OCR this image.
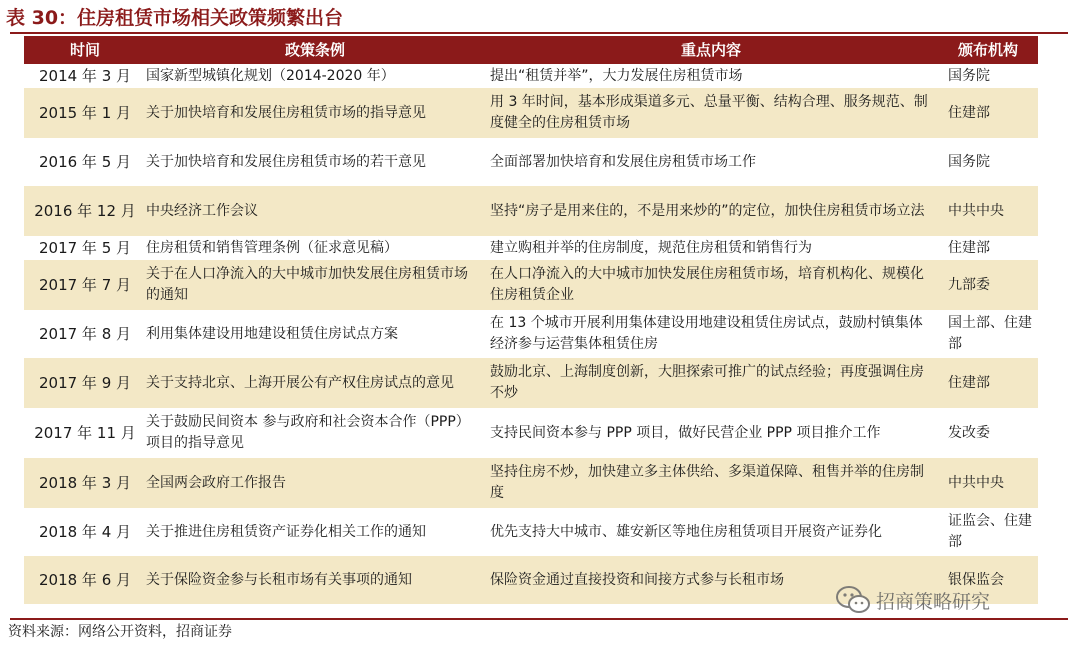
表 30：住房租赁市场相关政策频繁出台
时间	政策条例	重点内容	颁布机构
2014 年 3 月	国家新型城镇化规划（2014-2020 年）	提出“租赁并举”，大力发展住房租赁市场	国务院
2015 年 1 月	关于加快培育和发展住房租赁市场的指导意见	用 3 年时间，基本形成渠道多元、总量平衡、结构合理、服务规范、制度健全的住房租赁市场	住建部
2016 年 5 月	关于加快培育和发展住房租赁市场的若干意见	全面部署加快培育和发展住房租赁市场工作	国务院
2016 年 12 月	中央经济工作会议	坚持“房子是用来住的，不是用来炒的”的定位，加快住房租赁市场立法	中共中央
2017 年 5 月	住房租赁和销售管理条例（征求意见稿）	建立购租并举的住房制度，规范住房租赁和销售行为	住建部
2017 年 7 月	关于在人口净流入的大中城市加快发展住房租赁市场的通知	在人口净流入的大中城市加快发展住房租赁市场，培育机构化、规模化住房租赁企业	九部委
2017 年 8 月	利用集体建设用地建设租赁住房试点方案	在 13 个城市开展利用集体建设用地建设租赁住房试点，鼓励村镇集体经济参与运营集体租赁住房	国土部、住建部
2017 年 9 月	关于支持北京、上海开展公有产权住房试点的意见	鼓励北京、上海制度创新，大胆探索可推广的试点经验；再度强调住房不炒	住建部
2017 年 11 月	关于鼓励民间资本 参与政府和社会资本合作（PPP）项目的指导意见	支持民间资本参与 PPP 项目，做好民营企业 PPP 项目推介工作	发改委
2018 年 3 月	全国两会政府工作报告	坚持住房不炒，加快建立多主体供给、多渠道保障、租售并举的住房制度	中共中央
2018 年 4 月	关于推进住房租赁资产证券化相关工作的通知	优先支持大中城市、雄安新区等地住房租赁项目开展资产证券化	证监会、住建部
2018 年 6 月	关于保险资金参与长租市场有关事项的通知	保险资金通过直接投资和间接方式参与长租市场	银保监会
资料来源：网络公开资料，招商证券
招商策略研究
